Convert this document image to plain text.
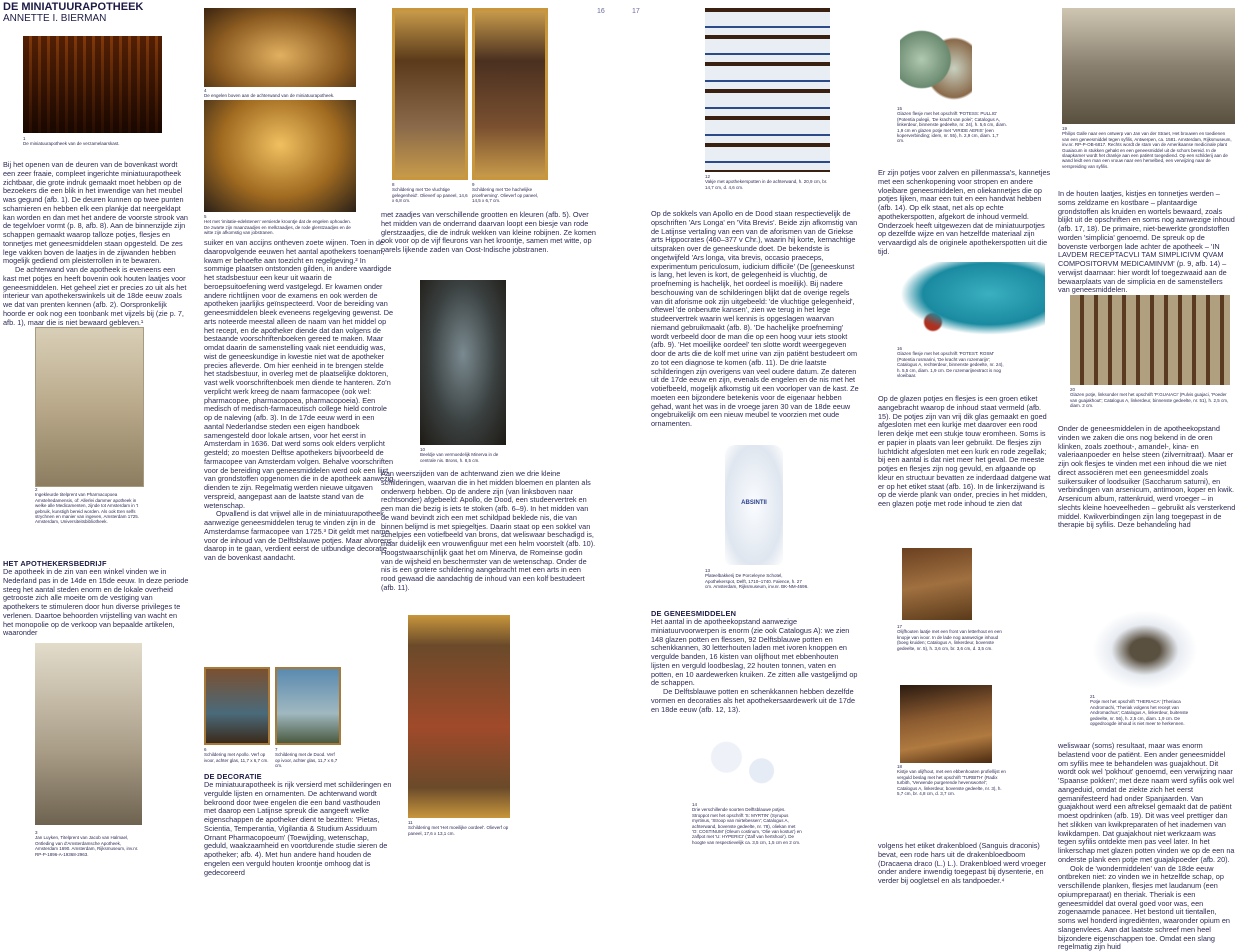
DE MINIATUURAPOTHEEK
ANNETTE I. BIERMAN
16	17
ABSINTII
1
De miniatuurapotheek van de verzamelaarskast.
2
Ingekleurde titelprent van Pharmacopoea Amstelredamensis, of: Allerlei dammer apotheek in welke alle Medicamenten, zijnde tot Amsterdam in 't gebruik, kunstigh bereid worden. Als ook Een selfs strychnen en manier van ingeven, Amsterdam 1725. Amsterdam, Universiteitsbibliotheek.
3
Jan Luyken, Titelprent van Jacob van Halmael, Ontleding van d'Amsterdamsche Apotheek, Amsterdam 1690. Amsterdam, Rijksmuseum, inv.nr. RP-P-1896-A-19368-2963.
4
De engelen boven aan de achterwand van de miniatuurapotheek.
5
Het met 'imitatie-edelstenen' versierde kroontje dat de engelen ophouden. De zwarte zijn maanzaadjes en melkzaadjes, de rode glerstzaadjes en de witte zijn afkomstig van jobstranen.
6
Schildering met Apollo. Verf op ivoor, achter glas, 11,7 x 6,7 cm.
7
Schildering met de Dood. Verf op ivoor, achter glas, 11,7 x 6,7 cm.
8
Schildering met 'De vluchtige gelegenheid'. Olieverf op paneel, 14,6 x 6,8 cm.
9
Schildering met 'De hachelijke proefneming'. Olieverf op paneel, 14,5 x 6,7 cm.
10
Beeldje van vermoedelijk Minerva in de centrale nis. Brons, h. 8,5 cm.
11
Schildering met 'Het moeilijke oordeel'. Olieverf op paneel, 17,6 x 13,1 cm.
12
Vakje met apothekerspotten in de achterwand, h. 20,9 cm, br. 14,7 cm, d. 4,6 cm.
13
Plateelbakkerij De Porceleyne Schotel, Apothekerspot, Delft, 1710–1740. Faience, h. 27 cm. Amsterdam, Rijksmuseum, inv.nr. BK-NM-4696.
14
Drie verschillende soorten Delftsblauwe potjes. Stroppot met het opschrift 'S: MYRTIN' (Syrupus myrtinus, 'Stroop van mirtebessen'; Catalogus A, achterwand, bovenste gedeelte, nr. 78), oliekan met 'O: COSTINUM' (Oleum costinum, 'Olie van kostus') en zalfpot met 'U: HYPERICI' ('Zalf van hertshooi'). De hoogte van respectievelijk ca. 3,5 cm, 1,5 cm en 2 cm.
15
Glazen flesje met het opschrift 'POTESS: PULLIG' (Potentia pulegii, 'De kracht van polei'; Catalogus A, linkerdeur, binnenste gedeelte, nr. 24), h. 5,6 cm, diam. 1,9 cm en glazen potje met 'VIRIDE AERIS' (een koperverbinding; idem, nr. 55), h. 2,9 cm, diam. 1,7 cm.
16
Glazen flesje met het opschrift 'POTEST: ROSM' (Potentia rosmarini, 'De kracht van rozemarijn'; Catalogus A, rechterdeur, binnenste gedeelte, nr. 24), h. 5,5 cm, diam. 1,9 cm. De rozemarijnextract is nog vloeibaar.
17
Olijfhouten laatje met een front van letterhout en een knopje van ivoor. In de lade nog aanwezige inhoud (boeg kruiden; Catalogus A, linkerdeur, bovenste gedeelte, nr. 5), h. 3,6 cm, br. 3,6 cm, d. 3,5 cm.
18
Kistje van olijfhout, met een ebbenhouten profiellijst en verguld beslag met het opschrift 'TURBITH' (Radix turbith, 'Verwende purgerende hevenswortel'; Catalogus A, linkerdeur, bovenste gedeelte, nr. 3), h. 5,7 cm, br. 4,8 cm, d. 3,7 cm.
19
Philips Galle naar een ontwerp van Jan van der Straet, Het brouwen en toedienen van een geneesmiddel tegen syfilis, Antwerpen, ca. 1581. Amsterdam, Rijksmuseum, inv.nr. RP-P-OB-6817. Rechts wordt de stam van de Amerikaanse medicinale plant Guaiacum in stukken gehakt en een geneesmiddel uit de schors bereid. In de slaapkamer wordt het drankje aan een patiënt toegediend. Op een schilderij aan de wand leidt een man een vrouw naar een hemelbed, een verwijzing naar de verspreiding van syfilis.
20
Glazen potje, linksonder met het opschrift 'P:GUAIACI' (Pulvis guajaci, 'Poeder van guajakhout'; Catalogus A, linkerdeur, binnenste gedeelte, nr. 51), h. 2,5 cm, diam. 2 cm.
21
Potje met het opschrift 'THERIACA' (Theriaca Andromachi, 'Theriak volgens het recept van Andromachus'; Catalogus A, linkerdeur, buitenste gedeelte, nr. 56), h. 2,5 cm, diam. 1,9 cm. De opgedroogde inhoud is niet meer te herkennen.

Bij het openen van de deuren van de bovenkast wordt een zeer fraaie, compleet ingerichte miniatuurapotheek zichtbaar, die grote indruk gemaakt moet hebben op de bezoekers die een blik in het inwendige van het meubel was gegund (afb. 1). De deuren kunnen op twee punten scharnieren en hebben elk een plankje dat neergeklapt kan worden en dan met het andere de voorste strook van de tegelvloer vormt (p. 8, afb. 8). Aan de binnenzijde zijn schappen gemaakt waarop talloze potjes, flesjes en tonnetjes met geneesmiddelen staan opgesteld. De zes lege vakken boven de laatjes in de zijwanden hebben mogelijk gediend om pleisterrollen in te bewaren.

De achterwand van de apotheek is eveneens een kast met potjes en heeft bovenin ook houten laatjes voor geneesmiddelen. Het geheel ziet er precies zo uit als het interieur van apothekerswinkels uit de 18de eeuw zoals we dat van prenten kennen (afb. 2). Oorspronkelijk hoorde er ook nog een toonbank met vijzels bij (zie p. 7, afb. 1), maar die is niet bewaard gebleven.¹

HET APOTHEKERSBEDRIJF

De apotheek in de zin van een winkel vinden we in Nederland pas in de 14de en 15de eeuw. In deze periode steeg het aantal steden enorm en de lokale overheid getrooste zich alle moeite om de vestiging van apothekers te stimuleren door hun diverse privileges te verlenen. Daartoe behoorden vrijstelling van wacht en het monopolie op de verkoop van bepaalde artikelen, waaronder

suiker en van accijns ontheven zoete wijnen. Toen in de daaropvolgende eeuwen het aantal apothekers toenam, kwam er behoefte aan toezicht en regelgeving.² In sommige plaatsen ontstonden gilden, in andere vaardigde het stadsbestuur een keur uit waarin de beroepsuitoefening werd vastgelegd. Er kwamen onder andere richtlijnen voor de examens en ook werden de apotheken jaarlijks geïnspecteerd. Voor de bereiding van geneesmiddelen bleek eveneens regelgeving gewenst. De arts noteerde meestal alleen de naam van het middel op het recept, en de apotheker diende dat dan volgens de bestaande voorschriftenboeken gereed te maken. Maar omdat daarin de samenstelling vaak niet eenduidig was, wist de geneeskundige in kwestie niet wat de apotheker precies afleverde. Om hier eenheid in te brengen stelde het stadsbestuur, in overleg met de plaatselijke doktoren, vast welk voorschriftenboek men diende te hanteren. Zo'n verplicht werk kreeg de naam farmacopee (ook wel: pharmacopee, pharmacopoea, pharmacopoeia). Een medisch of medisch-farmaceutisch college hield controle op de naleving (afb. 3). In de 17de eeuw werd in een aantal Nederlandse steden een eigen handboek samengesteld door lokale artsen, voor het eerst in Amsterdam in 1636. Dat werd soms ook elders verplicht gesteld; zo moesten Delftse apothekers bijvoorbeeld de farmacopee van Amsterdam volgen. Behalve voorschriften voor de bereiding van geneesmiddelen werd ook een lijst van grondstoffen opgenomen die in de apotheek aanwezig dienden te zijn. Regelmatig werden nieuwe uitgaven verspreid, aangepast aan de laatste stand van de wetenschap.

Opvallend is dat vrijwel alle in de miniatuurapotheek aanwezige geneesmiddelen terug te vinden zijn in de Amsterdamse farmacopee van 1725.³ Dit geldt met name voor de inhoud van de Delftsblauwe potjes. Maar alvorens daarop in te gaan, verdient eerst de uitbundige decoratie van de bovenkast aandacht.

DE DECORATIE

De miniatuurapotheek is rijk versierd met schilderingen en vergulde lijsten en ornamenten. De achterwand wordt bekroond door twee engelen die een band vasthouden met daarop een Latijnse spreuk die aangeeft welke eigenschappen de apotheker dient te bezitten: 'Pietas, Scientia, Temperantia, Vigilantia & Studium Assiduum Ornant Pharmacopoeum' (Toewijding, wetenschap, geduld, waakzaamheid en voortdurende studie sieren de apotheker; afb. 4). Met hun andere hand houden de engelen een verguld houten kroontje omhoog dat is gedecoreerd

met zaadjes van verschillende grootten en kleuren (afb. 5). Over het midden van de onderrand daarvan loopt een biesje van rode glerstzaadjes, die de indruk wekken van kleine robijnen. Ze komen ook voor op de vijf fleurons van het kroontje, samen met witte, op parels lijkende zaden van Oost-Indische jobstranen.

Aan weerszijden van de achterwand zien we drie kleine schilderingen, waarvan die in het midden bloemen en planten als onderwerp hebben. Op de andere zijn (van linksboven naar rechtsonder) afgebeeld: Apollo, de Dood, een studeervertrek en een man die bezig is iets te stoken (afb. 6–9). In het midden van de wand bevindt zich een met schildpad beklede nis, die van binnen belijmd is met spiegeltjes. Daarin staat op een sokkel van schelpjes een votiefbeeld van brons, dat weliswaar beschadigd is, maar duidelijk een vrouwenfiguur met een helm voorstelt (afb. 10). Hoogstwaarschijnlijk gaat het om Minerva, de Romeinse godin van de wijsheid en beschermster van de wetenschap. Onder de nis is een grotere schildering aangebracht met een arts in een rood gewaad die aandachtig de inhoud van een kolf bestudeert (afb. 11).

Op de sokkels van Apollo en de Dood staan respectievelijk de opschriften 'Ars Longa' en 'Vita Brevis'. Beide zijn afkomstig van de Latijnse vertaling van een van de aforismen van de Griekse arts Hippocrates (460–377 v Chr.), waarin hij korte, kernachtige uitspraken over de geneeskunde doet. De bekendste is ongetwijfeld 'Ars longa, vita brevis, occasio praeceps, experimentum periculosum, iudicium difficile' (De [geneeskunst is lang, het leven is kort, de gelegenheid is vluchtig, de proefneming is hachelijk, het oordeel is moeilijk). Bij nadere beschouwing van de schilderingen blijkt dat de overige regels van dit aforisme ook zijn uitgebeeld: 'de vluchtige gelegenheid', oftewel 'de onbenutte kansen', zien we terug in het lege studeervertrek waarin wel kennis is opgeslagen waarvan niemand gebruikmaakt (afb. 8). 'De hachelijke proefneming' wordt verbeeld door de man die op een hoog vuur iets stookt (afb. 9). 'Het moeilijke oordeel' ten slotte wordt weergegeven door de arts die de kolf met urine van zijn patiënt bestudeert om zo tot een diagnose te komen (afb. 11). De drie laatste schilderingen zijn overigens van veel oudere datum. Ze dateren uit de 17de eeuw en zijn, evenals de engelen en de nis met het votiefbeeld, mogelijk afkomstig uit een voorloper van de kast. Ze moeten een bijzondere betekenis voor de eigenaar hebben gehad, want het was in de vroege jaren 30 van de 18de eeuw ongebruikelijk om een nieuw meubel te voorzien met oude ornamenten.

DE GENEESMIDDELEN

Het aantal in de apotheekopstand aanwezige miniatuurvoorwerpen is enorm (zie ook Catalogus A): we zien 148 glazen potten en flessen, 92 Delftsblauwe potten en schenkkannen, 30 letterhouten laden met ivoren knoppen en vergulde banden, 16 kisten van olijfhout met ebbenhouten lijsten en verguld loodbeslag, 22 houten tonnen, vaten en potten, en 10 aardewerken kruiken. Ze zitten alle vastgelijmd op de schappen.

De Delftsblauwe potten en schenkkannen hebben dezelfde vormen en decoraties als het apothekersaardewerk uit de 17de en 18de eeuw (afb. 12, 13).

Er zijn potjes voor zalven en pillenmassa's, kannetjes met een schenkopening voor stropen en andere vloeibare geneesmiddelen, en oliekannetjes die op potjes lijken, maar een tuit en een handvat hebben (afb. 14). Op elk staat, net als op echte apothekerspotten, afgekort de inhoud vermeld. Onderzoek heeft uitgewezen dat de miniatuurpotjes op dezelfde wijze en van hetzelfde materiaal zijn vervaardigd als de originele apothekerspotten uit die tijd.

Op de glazen potjes en flesjes is een groen etiket aangebracht waarop de inhoud staat vermeld (afb. 15). De potjes zijn van vrij dik glas gemaakt en goed afgesloten met een kurkje met daarover een rood leren dekje met een stukje touw eromheen. Soms is er papier in plaats van leer gebruikt. De flesjes zijn luchtdicht afgesloten met een kurk en rode zegellak; bij een aantal is dat niet meer het geval. De meeste potjes en flesjes zijn nog gevuld, en afgaande op kleur en structuur bevatten ze inderdaad datgene wat er op het etiket staat (afb. 16). In de linkerzijwand is op de vierde plank van onder, precies in het midden, een glazen potje met rode inhoud te zien dat

volgens het etiket drakenbloed (Sanguis draconis) bevat, een rode hars uit de drakenbloedboom (Dracaena draco (L.) L.). Drakenbloed werd vroeger onder andere inwendig toegepast bij dysenterie, en verder bij oogletsel en als tandpoeder.⁴

In de houten laatjes, kistjes en tonnetjes werden – soms zeldzame en kostbare – plantaardige grondstoffen als kruiden en wortels bewaard, zoals blijkt uit de opschriften en soms nog aanwezige inhoud (afb. 17, 18). De primaire, niet-bewerkte grondstoffen worden 'simplicia' genoemd. De spreuk op de bovenste verborgen lade achter de apotheek – 'IN LAVDEM RECEPTACVLI TAM SIMPLICIVM QVAM COMPOSITORVM MEDICAMINVM' (p. 9, afb. 14) – verwijst daarnaar: hier wordt lof toegezwaaid aan de bewaarplaats van de simplicia en de samenstellers van geneesmiddelen.

Onder de geneesmiddelen in de apotheekopstand vinden we zaken die ons nog bekend in de oren klinken, zoals zoethout-, amandel-, kina- en valeriaanpoeder en helse steen (zilvernitraat). Maar er zijn ook flesjes te vinden met een inhoud die we niet direct associëren met een geneesmiddel zoals suikersuiker of loodsuiker (Saccharum saturni), en verbindingen van arsenicum, antimoon, koper en kwik. Arsenicum album, rattenkruid, werd vroeger – in slechts kleine hoeveelheden – gebruikt als versterkend middel. Kwikverbindingen zijn lang toegepast in de therapie bij syfilis. Deze behandeling had

weliswaar (soms) resultaat, maar was enorm belastend voor de patiënt. Een ander geneesmiddel om syfilis mee te behandelen was guajakhout. Dit wordt ook wel 'pokhout' genoemd, een verwijzing naar 'Spaanse pokken'; met deze naam werd syfilis ook wel aangeduid, omdat de ziekte zich het eerst gemanifesteerd had onder Spanjaarden. Van guajakhout werd een aftreksel gemaakt dat de patiënt moest opdrinken (afb. 19). Dit was veel prettiger dan het slikken van kwikpreparaten of het inademen van kwikdampen. Dat guajakhout niet werkzaam was tegen syfilis ontdekte men pas veel later. In het linkerschap met glazen potten vinden we op de een na onderste plank een potje met guajakpoeder (afb. 20).

Ook de 'wondermiddelen' van de 18de eeuw ontbreken niet: zo vinden we in hetzelfde schap, op verschillende planken, flesjes met laudanum (een opiumpreparaat) en theriak. Theriak is een geneesmiddel dat overal goed voor was, een zogenaamde panacee. Het bestond uit tientallen, soms wel honderd ingrediënten, waaronder opium en slangenvlees. Aan dat laatste schreef men heel bijzondere eigenschappen toe. Omdat een slang regelmatig zijn huid
